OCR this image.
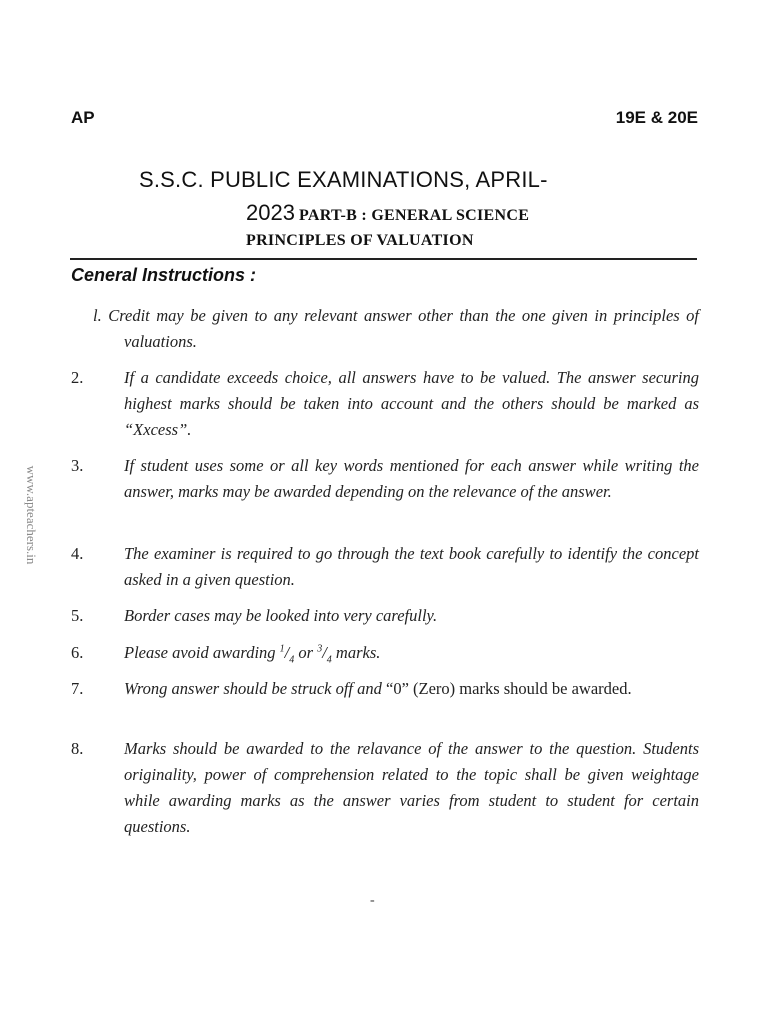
AP	19E & 20E
S.S.C. PUBLIC EXAMINATIONS, APRIL-
2023 PART-B : GENERAL SCIENCE
PRINCIPLES OF VALUATION
Ceneral Instructions :
www.apteachers.in
l. Credit may be given to any relevant answer other than the one given in principles of valuations.
2.	If a candidate exceeds choice, all answers have to be valued. The answer securing highest marks should be taken into account and the others should be marked as “Xxcess”.
3.	If student uses some or all key words mentioned for each answer while writing the answer, marks may be awarded depending on the relevance of the answer.
4.	The examiner is required to go through the text book carefully to identify the concept asked in a given question.
5.	Border cases may be looked into very carefully.
6.	Please avoid awarding $^1/_4$ or $^3/_4$ marks.
7.	Wrong answer should be struck off and “0” (Zero) marks should be awarded.
8.	Marks should be awarded to the relavance of the answer to the question. Students originality, power of comprehension related to the topic shall be given weightage while awarding marks as the answer varies from student to student for certain questions.
-
